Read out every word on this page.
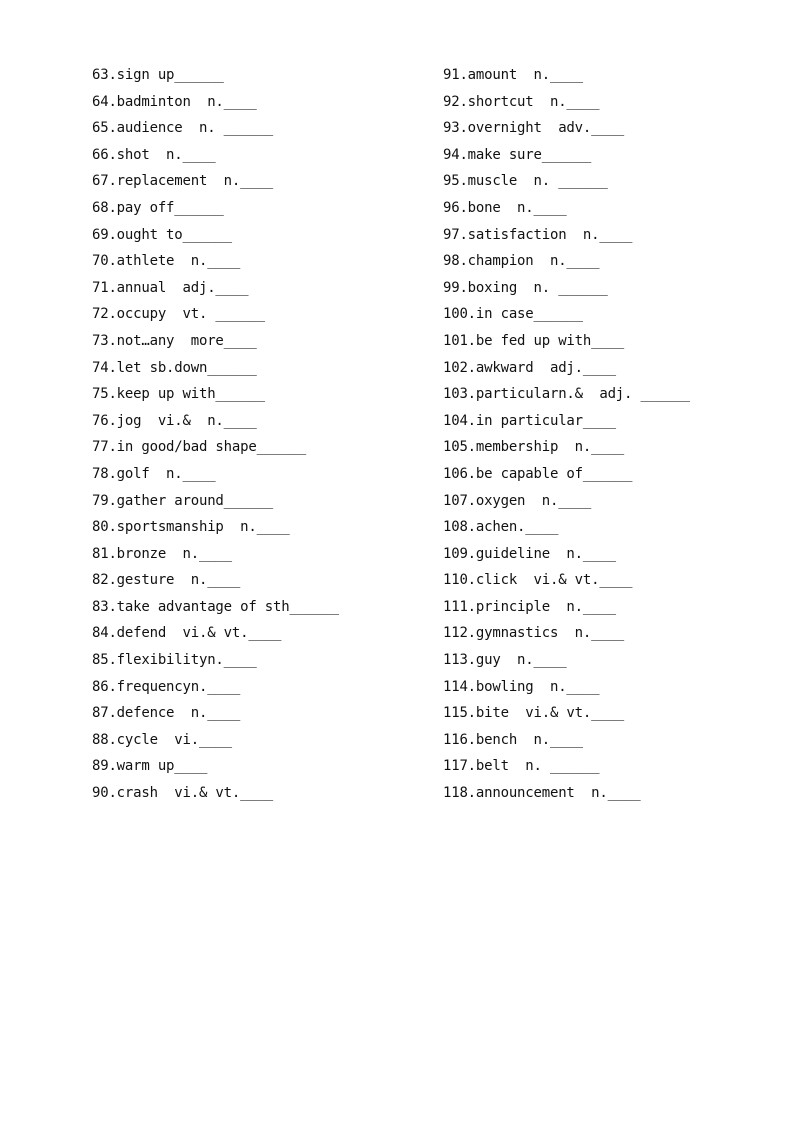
63.sign up______
64.badminton  n.____
65.audience  n. ______
66.shot  n.____
67.replacement  n.____
68.pay off______
69.ought to______
70.athlete  n.____
71.annual  adj.____
72.occupy  vt. ______
73.not…any  more____
74.let sb.down______
75.keep up with______
76.jog  vi.&  n.____
77.in good/bad shape______
78.golf  n.____
79.gather around______
80.sportsmanship  n.____
81.bronze  n.____
82.gesture  n.____
83.take advantage of sth______
84.defend  vi.& vt.____
85.flexibilityn.____
86.frequencyn.____
87.defence  n.____
88.cycle  vi.____
89.warm up____
90.crash  vi.& vt.____
91.amount  n.____
92.shortcut  n.____
93.overnight  adv.____
94.make sure______
95.muscle  n. ______
96.bone  n.____
97.satisfaction  n.____
98.champion  n.____
99.boxing  n. ______
100.in case______
101.be fed up with____
102.awkward  adj.____
103.particularn.&  adj. ______
104.in particular____
105.membership  n.____
106.be capable of______
107.oxygen  n.____
108.achen.____
109.guideline  n.____
110.click  vi.& vt.____
111.principle  n.____
112.gymnastics  n.____
113.guy  n.____
114.bowling  n.____
115.bite  vi.& vt.____
116.bench  n.____
117.belt  n. ______
118.announcement  n.____
